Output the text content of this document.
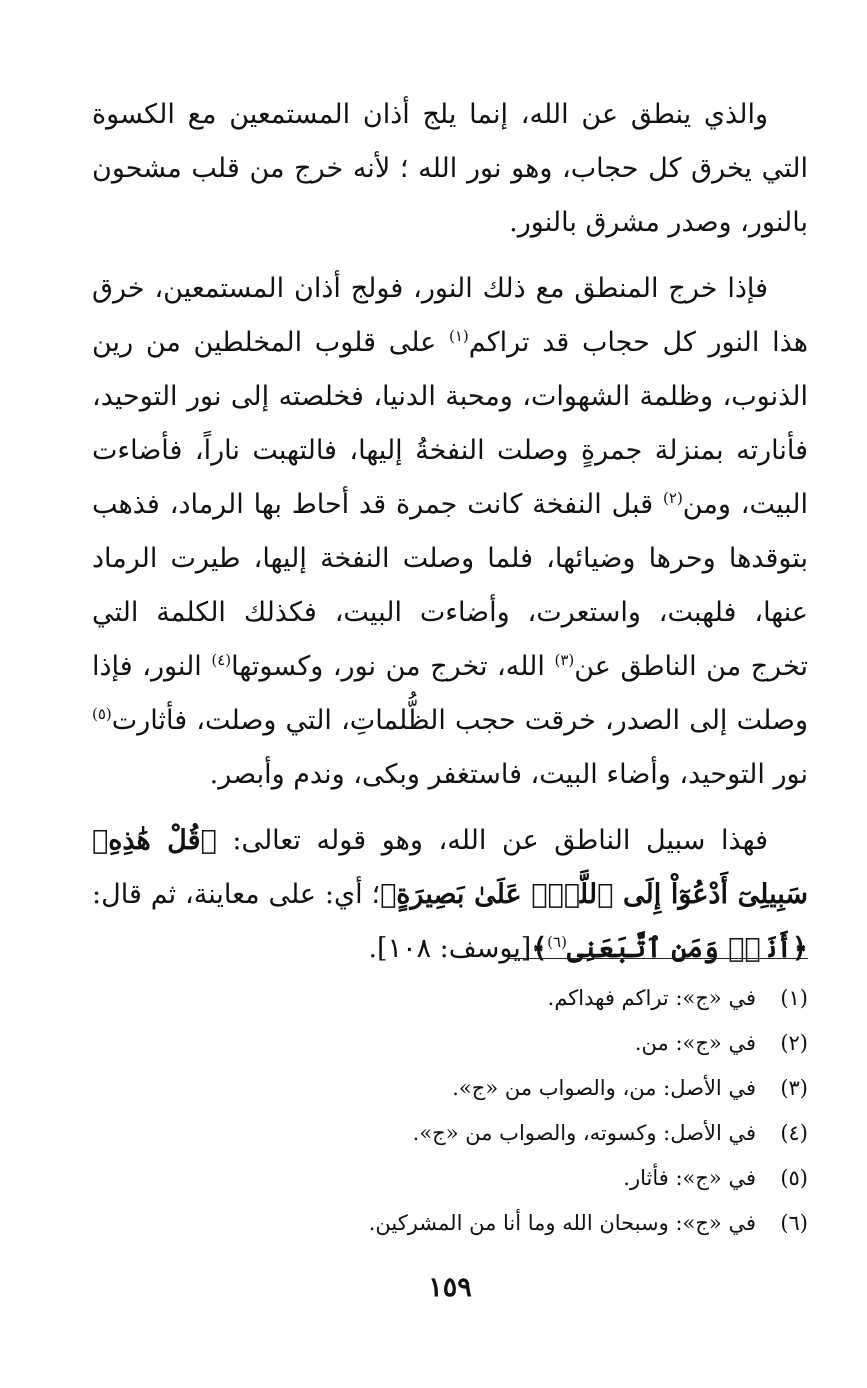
والذي ينطق عن الله، إنما يلج أذان المستمعين مع الكسوة التي يخرق كل حجاب، وهو نور الله ؛ لأنه خرج من قلب مشحون بالنور، وصدر مشرق بالنور.

فإذا خرج المنطق مع ذلك النور، فولج أذان المستمعين، خرق هذا النور كل حجاب قد تراكم$^{(١)}$ على قلوب المخلطين من رين الذنوب، وظلمة الشهوات، ومحبة الدنيا، فخلصته إلى نور التوحيد، فأنارته بمنزلة جمرةٍ وصلت النفخةُ إليها، فالتهبت ناراً، فأضاءت البيت، ومن$^{(٢)}$ قبل النفخة كانت جمرة قد أحاط بها الرماد، فذهب بتوقدها وحرها وضيائها، فلما وصلت النفخة إليها، طيرت الرماد عنها، فلهبت، واستعرت، وأضاءت البيت، فكذلك الكلمة التي تخرج من الناطق عن$^{(٣)}$ الله، تخرج من نور، وكسوتها$^{(٤)}$ النور، فإذا وصلت إلى الصدر، خرقت حجب الظُّلماتِ، التي وصلت، فأثارت$^{(٥)}$ نور التوحيد، وأضاء البيت، فاستغفر وبكى، وندم وأبصر.

فهذا سبيل الناطق عن الله، وهو قوله تعالى: ﴿قُلْ هَٰذِهِۦ سَبِيلِىٓ أَدْعُوٓاْ إِلَى ٱللَّهِۚ عَلَىٰ بَصِيرَةٍ﴾؛ أي: على معاينة، ثم قال: ﴿أَنَا۠ وَمَنِ ٱتَّبَعَنِى$^{(٦)}$﴾[يوسف: ١٠٨].

(١)
في «ج»: تراكم فهداكم.
(٢)
في «ج»: من.
(٣)
في الأصل: من، والصواب من «ج».
(٤)
في الأصل: وكسوته، والصواب من «ج».
(٥)
في «ج»: فأثار.
(٦)
في «ج»: وسبحان الله وما أنا من المشركين.
١٥٩
